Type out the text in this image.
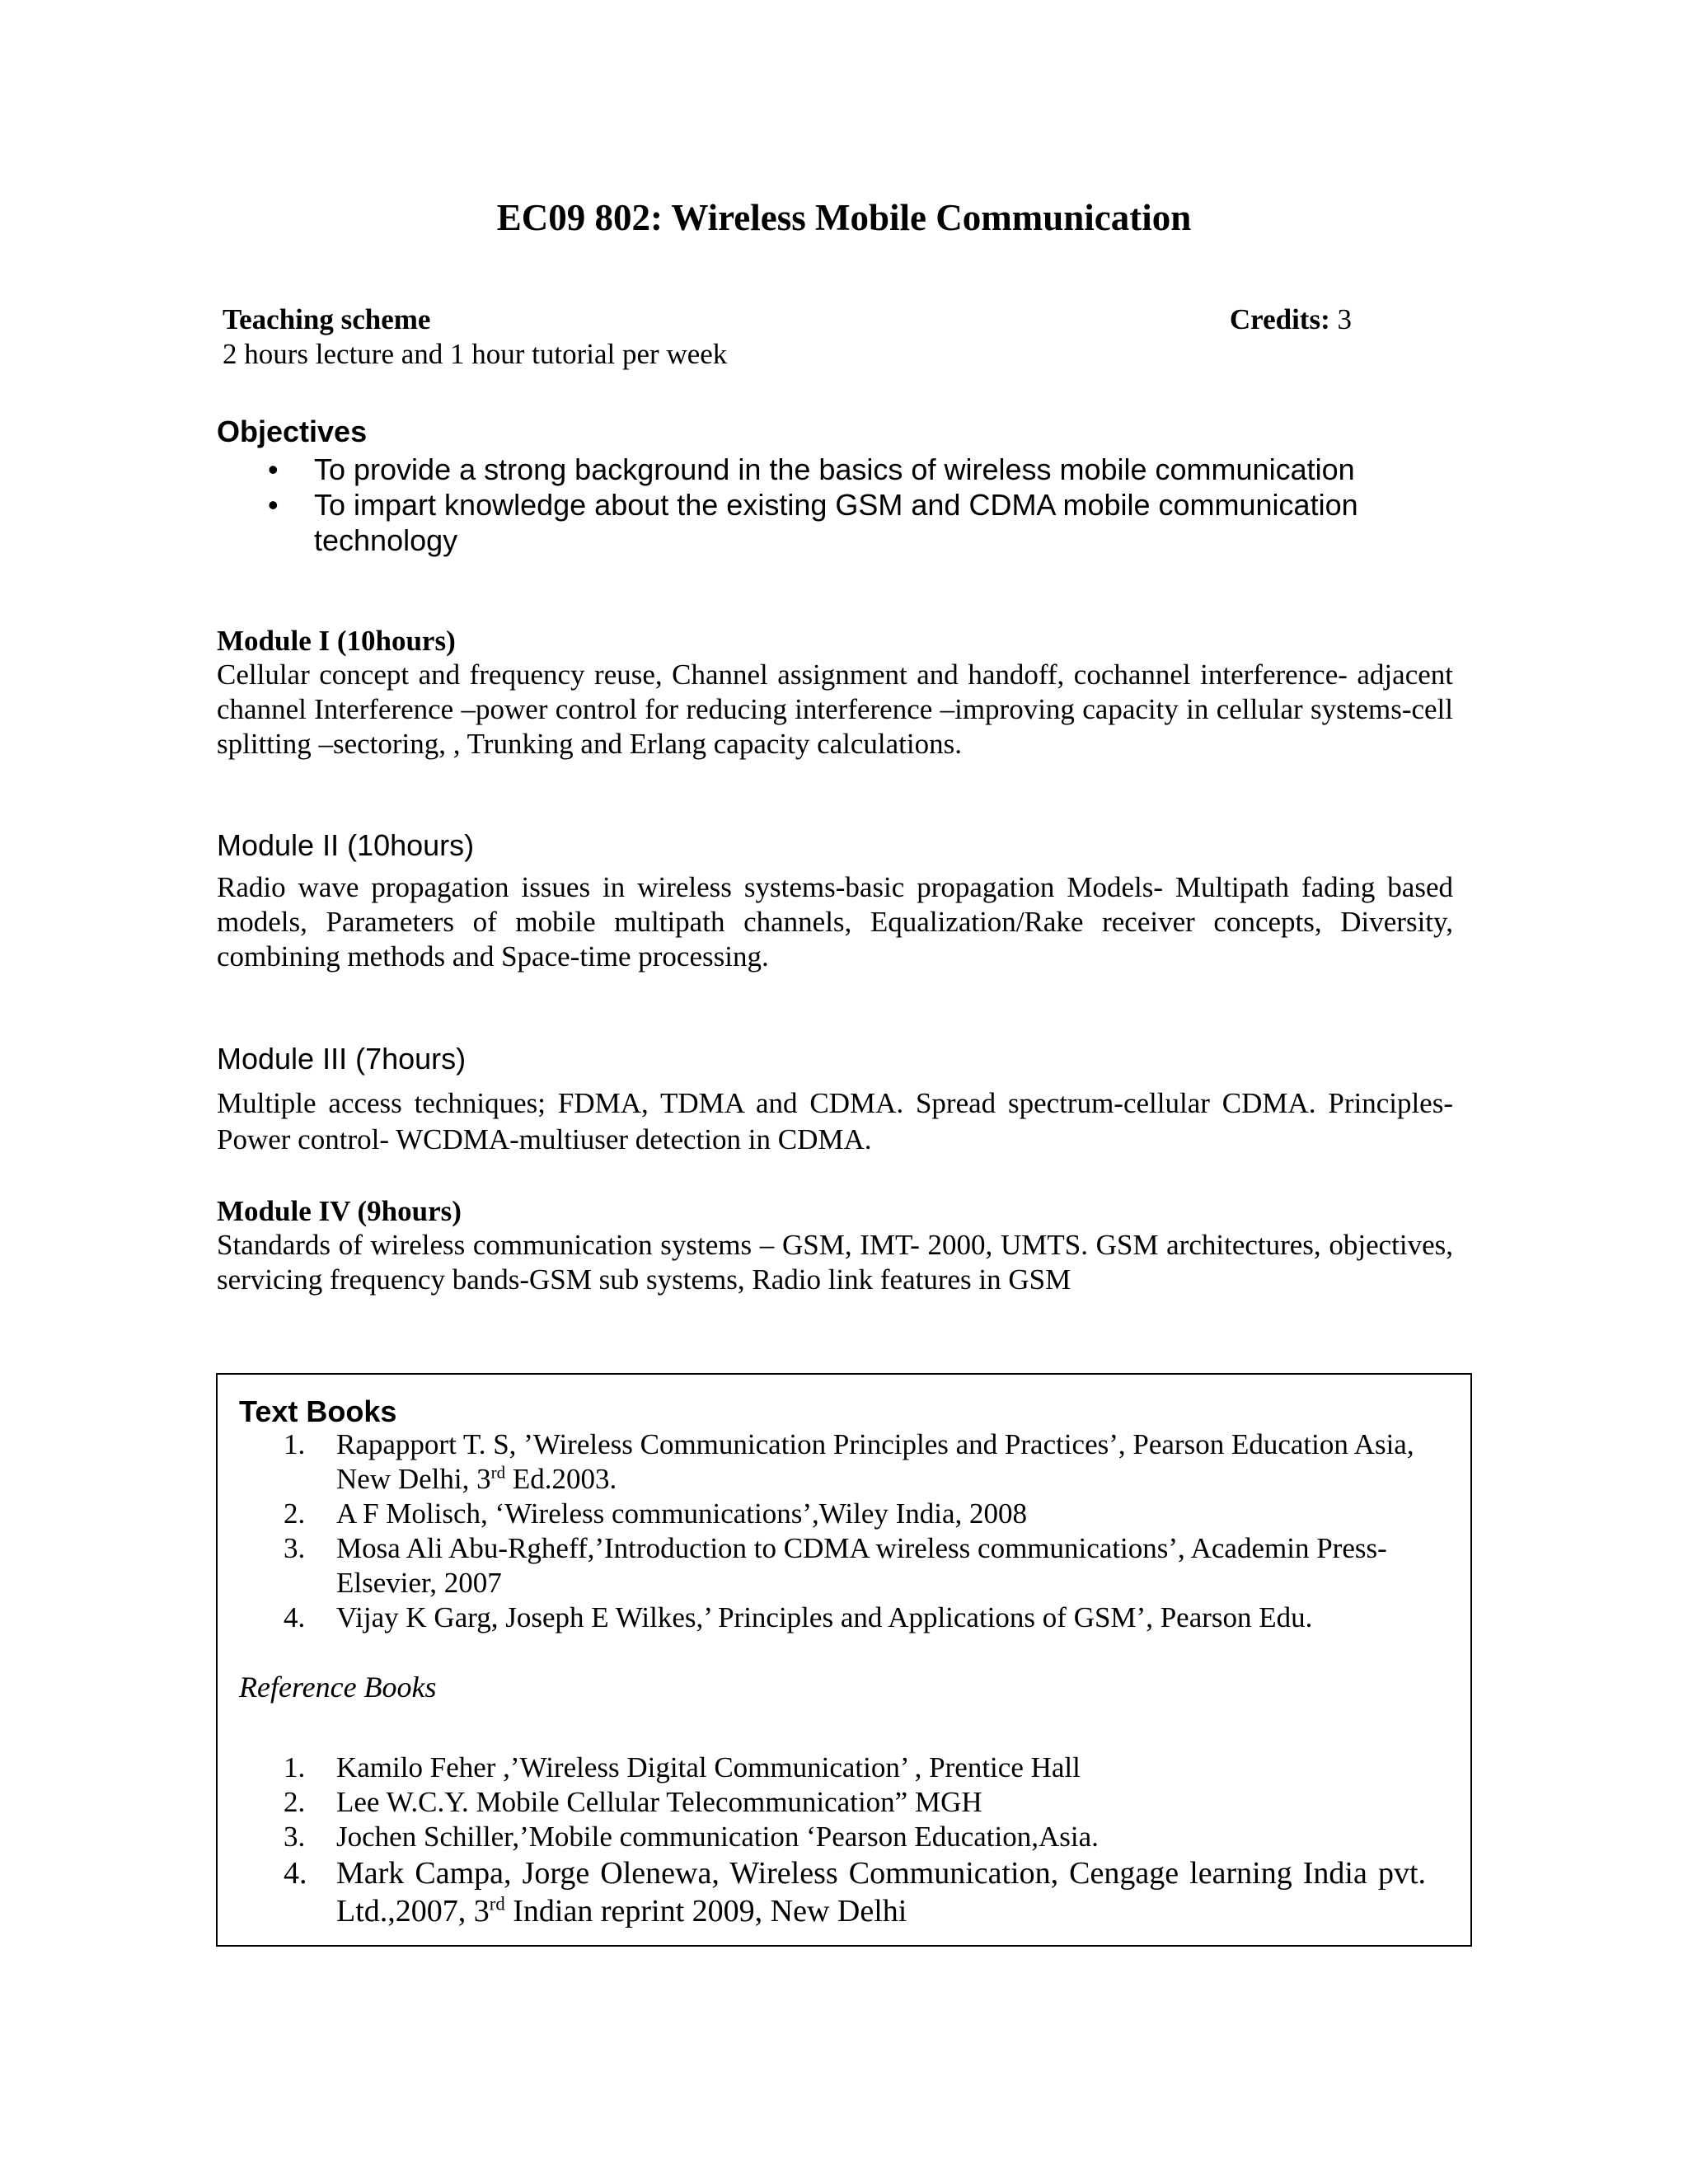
EC09 802: Wireless Mobile Communication
Teaching scheme	Credits: 3
2 hours lecture and 1 hour tutorial per week
Objectives
• To provide a strong background in the basics of wireless mobile communication
• To impart knowledge about the existing GSM and CDMA mobile communication technology
Module I (10hours)
Cellular concept and frequency reuse, Channel assignment and handoff, cochannel interference- adjacent channel Interference –power control for reducing interference –improving capacity in cellular systems-cell splitting –sectoring, , Trunking and Erlang capacity calculations.
Module II (10hours)
Radio wave propagation issues in wireless systems-basic propagation Models- Multipath fading based models, Parameters of mobile multipath channels, Equalization/Rake receiver concepts, Diversity, combining methods and Space-time processing.
Module III (7hours)
Multiple access techniques; FDMA, TDMA and CDMA. Spread spectrum-cellular CDMA. Principles- Power control- WCDMA-multiuser detection in CDMA.
Module IV (9hours)
Standards of wireless communication systems – GSM, IMT- 2000, UMTS. GSM architectures, objectives, servicing frequency bands-GSM sub systems, Radio link features in GSM
Text Books
1. Rapapport T. S, ’Wireless Communication Principles and Practices’, Pearson Education Asia, New Delhi, 3rd Ed.2003.
2. A F Molisch, ‘Wireless communications’,Wiley India, 2008
3. Mosa Ali Abu-Rgheff,’Introduction to CDMA wireless communications’, Academin Press- Elsevier, 2007
4. Vijay K Garg, Joseph E Wilkes,’ Principles and Applications of GSM’, Pearson Edu.
Reference Books
1. Kamilo Feher ,’Wireless Digital Communication’ , Prentice Hall
2. Lee W.C.Y. Mobile Cellular Telecommunication” MGH
3. Jochen Schiller,’Mobile communication ‘Pearson Education,Asia.
4. Mark Campa, Jorge Olenewa, Wireless Communication, Cengage learning India pvt. Ltd.,2007, 3rd Indian reprint 2009, New Delhi
